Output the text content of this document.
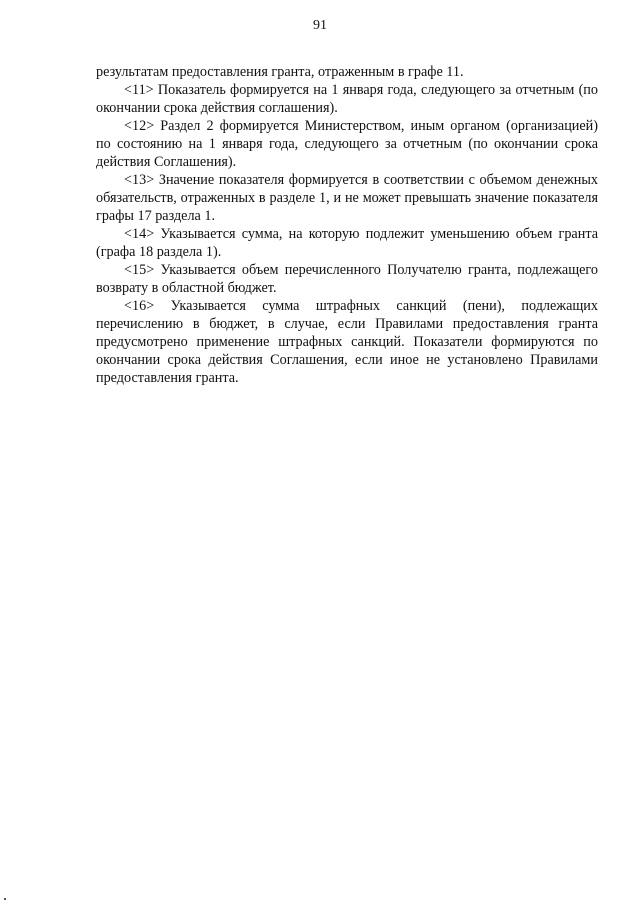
91

результатам предоставления гранта, отраженным в графе 11.

<11> Показатель формируется на 1 января года, следующего за отчетным (по окончании срока действия соглашения).

<12> Раздел 2 формируется Министерством, иным органом (организацией) по состоянию на 1 января года, следующего за отчетным (по окончании срока действия Соглашения).

<13> Значение показателя формируется в соответствии с объемом денежных обязательств, отраженных в разделе 1, и не может превышать значение показателя графы 17 раздела 1.

<14> Указывается сумма, на которую подлежит уменьшению объем гранта (графа 18 раздела 1).

<15> Указывается объем перечисленного Получателю гранта, подлежащего возврату в областной бюджет.

<16> Указывается сумма штрафных санкций (пени), подлежащих перечислению в бюджет, в случае, если Правилами предоставления гранта предусмотрено применение штрафных санкций. Показатели формируются по окончании срока действия Соглашения, если иное не установлено Правилами предоставления гранта.
